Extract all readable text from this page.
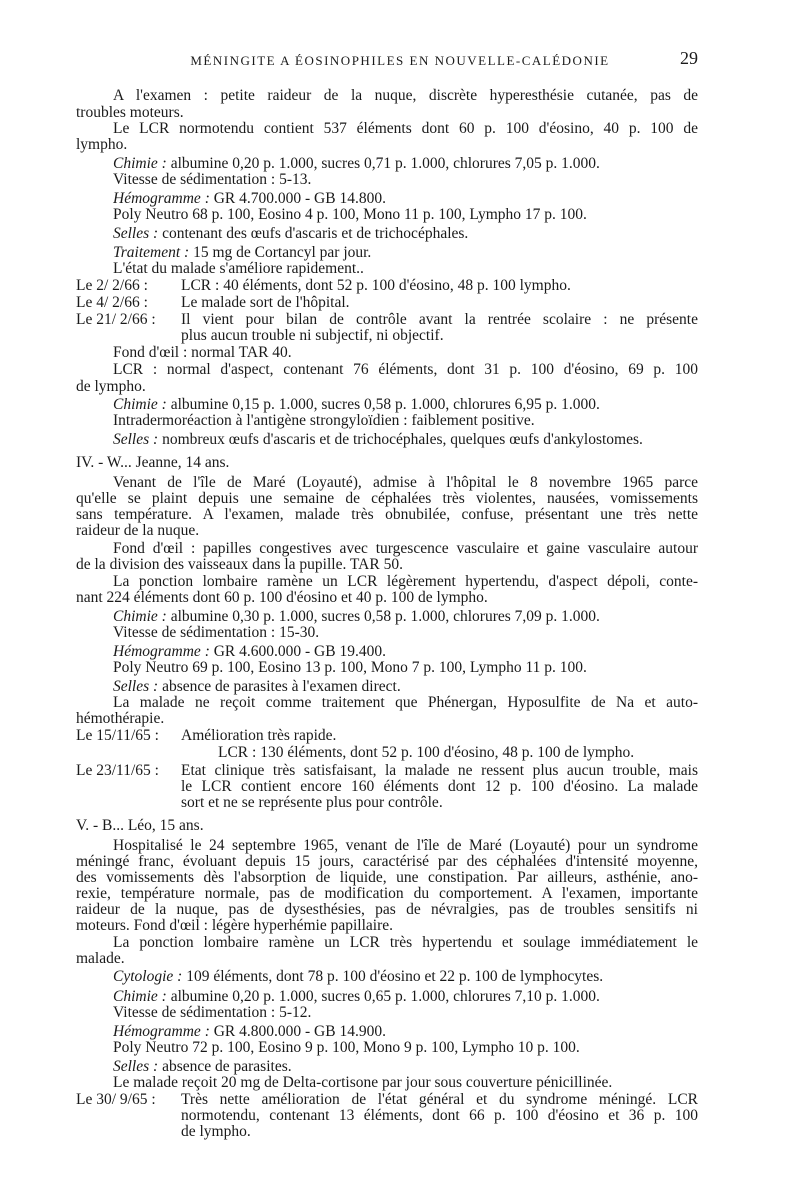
MÉNINGITE A ÉOSINOPHILES EN NOUVELLE-CALÉDONIE	29
A l'examen : petite raideur de la nuque, discrète hyperesthésie cutanée, pas de
troubles moteurs.
Le LCR normotendu contient 537 éléments dont 60 p. 100 d'éosino, 40 p. 100 de
lympho.
Chimie : albumine 0,20 p. 1.000, sucres 0,71 p. 1.000, chlorures 7,05 p. 1.000.
Vitesse de sédimentation : 5-13.
Hémogramme : GR 4.700.000 - GB 14.800.
Poly Neutro 68 p. 100, Eosino 4 p. 100, Mono 11 p. 100, Lympho 17 p. 100.
Selles : contenant des œufs d'ascaris et de trichocéphales.
Traitement : 15 mg de Cortancyl par jour.
L'état du malade s'améliore rapidement..
Le 2/ 2/66 :	LCR : 40 éléments, dont 52 p. 100 d'éosino, 48 p. 100 lympho.
Le 4/ 2/66 :	Le malade sort de l'hôpital.
Le 21/ 2/66 :	Il vient pour bilan de contrôle avant la rentrée scolaire : ne présente
plus aucun trouble ni subjectif, ni objectif.
Fond d'œil : normal TAR 40.
LCR : normal d'aspect, contenant 76 éléments, dont 31 p. 100 d'éosino, 69 p. 100
de lympho.
Chimie : albumine 0,15 p. 1.000, sucres 0,58 p. 1.000, chlorures 6,95 p. 1.000.
Intradermoréaction à l'antigène strongyloïdien : faiblement positive.
Selles : nombreux œufs d'ascaris et de trichocéphales, quelques œufs d'ankylostomes.
IV. - W... Jeanne, 14 ans.
Venant de l'île de Maré (Loyauté), admise à l'hôpital le 8 novembre 1965 parce
qu'elle se plaint depuis une semaine de céphalées très violentes, nausées, vomissements
sans température. A l'examen, malade très obnubilée, confuse, présentant une très nette
raideur de la nuque.
Fond d'œil : papilles congestives avec turgescence vasculaire et gaine vasculaire autour
de la division des vaisseaux dans la pupille. TAR 50.
La ponction lombaire ramène un LCR légèrement hypertendu, d'aspect dépoli, conte-
nant 224 éléments dont 60 p. 100 d'éosino et 40 p. 100 de lympho.
Chimie : albumine 0,30 p. 1.000, sucres 0,58 p. 1.000, chlorures 7,09 p. 1.000.
Vitesse de sédimentation : 15-30.
Hémogramme : GR 4.600.000 - GB 19.400.
Poly Neutro 69 p. 100, Eosino 13 p. 100, Mono 7 p. 100, Lympho 11 p. 100.
Selles : absence de parasites à l'examen direct.
La malade ne reçoit comme traitement que Phénergan, Hyposulfite de Na et auto-
hémothérapie.
Le 15/11/65 :	Amélioration très rapide.
LCR : 130 éléments, dont 52 p. 100 d'éosino, 48 p. 100 de lympho.
Le 23/11/65 :	Etat clinique très satisfaisant, la malade ne ressent plus aucun trouble, mais
le LCR contient encore 160 éléments dont 12 p. 100 d'éosino. La malade
sort et ne se représente plus pour contrôle.
V. - B... Léo, 15 ans.
Hospitalisé le 24 septembre 1965, venant de l'île de Maré (Loyauté) pour un syndrome
méningé franc, évoluant depuis 15 jours, caractérisé par des céphalées d'intensité moyenne,
des vomissements dès l'absorption de liquide, une constipation. Par ailleurs, asthénie, ano-
rexie, température normale, pas de modification du comportement. A l'examen, importante
raideur de la nuque, pas de dysesthésies, pas de névralgies, pas de troubles sensitifs ni
moteurs. Fond d'œil : légère hyperhémie papillaire.
La ponction lombaire ramène un LCR très hypertendu et soulage immédiatement le
malade.
Cytologie : 109 éléments, dont 78 p. 100 d'éosino et 22 p. 100 de lymphocytes.
Chimie : albumine 0,20 p. 1.000, sucres 0,65 p. 1.000, chlorures 7,10 p. 1.000.
Vitesse de sédimentation : 5-12.
Hémogramme : GR 4.800.000 - GB 14.900.
Poly Neutro 72 p. 100, Eosino 9 p. 100, Mono 9 p. 100, Lympho 10 p. 100.
Selles : absence de parasites.
Le malade reçoit 20 mg de Delta-cortisone par jour sous couverture pénicillinée.
Le 30/ 9/65 :	Très nette amélioration de l'état général et du syndrome méningé. LCR
normotendu, contenant 13 éléments, dont 66 p. 100 d'éosino et 36 p. 100
de lympho.
